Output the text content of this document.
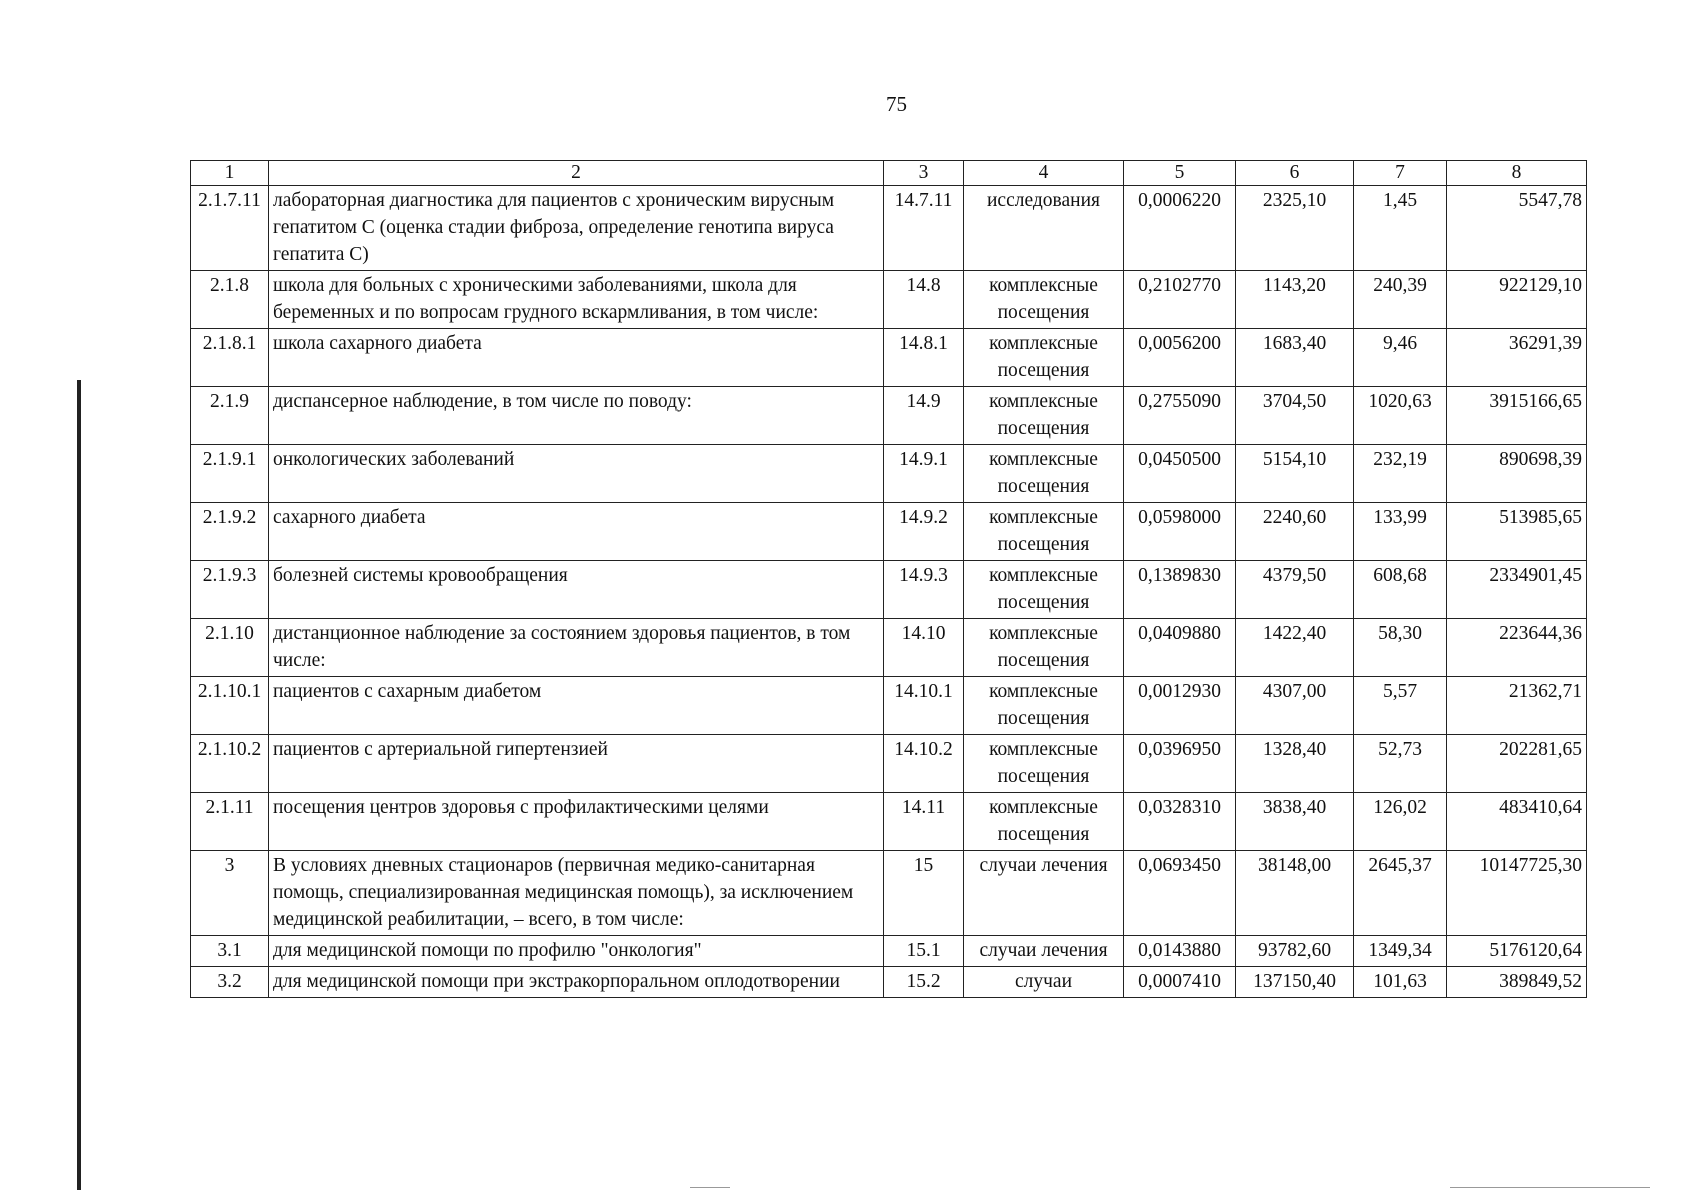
75
1	2	3	4	5	6	7	8
2.1.7.11	лабораторная диагностика для пациентов с хроническим вирусным гепатитом С (оценка стадии фиброза, определение генотипа вируса гепатита С)	14.7.11	исследования	0,0006220	2325,10	1,45	5547,78
2.1.8	школа для больных с хроническими заболеваниями, школа для беременных и по вопросам грудного вскармливания, в том числе:	14.8	комплексные посещения	0,2102770	1143,20	240,39	922129,10
2.1.8.1	школа сахарного диабета	14.8.1	комплексные посещения	0,0056200	1683,40	9,46	36291,39
2.1.9	диспансерное наблюдение, в том числе по поводу:	14.9	комплексные посещения	0,2755090	3704,50	1020,63	3915166,65
2.1.9.1	онкологических заболеваний	14.9.1	комплексные посещения	0,0450500	5154,10	232,19	890698,39
2.1.9.2	сахарного диабета	14.9.2	комплексные посещения	0,0598000	2240,60	133,99	513985,65
2.1.9.3	болезней системы кровообращения	14.9.3	комплексные посещения	0,1389830	4379,50	608,68	2334901,45
2.1.10	дистанционное наблюдение за состоянием здоровья пациентов, в том числе:	14.10	комплексные посещения	0,0409880	1422,40	58,30	223644,36
2.1.10.1	пациентов с сахарным диабетом	14.10.1	комплексные посещения	0,0012930	4307,00	5,57	21362,71
2.1.10.2	пациентов с артериальной гипертензией	14.10.2	комплексные посещения	0,0396950	1328,40	52,73	202281,65
2.1.11	посещения центров здоровья с профилактическими целями	14.11	комплексные посещения	0,0328310	3838,40	126,02	483410,64
3	В условиях дневных стационаров (первичная медико-санитарная помощь, специализированная медицинская помощь), за исключением медицинской реабилитации, – всего, в том числе:	15	случаи лечения	0,0693450	38148,00	2645,37	10147725,30
3.1	для медицинской помощи по профилю "онкология"	15.1	случаи лечения	0,0143880	93782,60	1349,34	5176120,64
3.2	для медицинской помощи при экстракорпоральном оплодотворении	15.2	случаи	0,0007410	137150,40	101,63	389849,52
